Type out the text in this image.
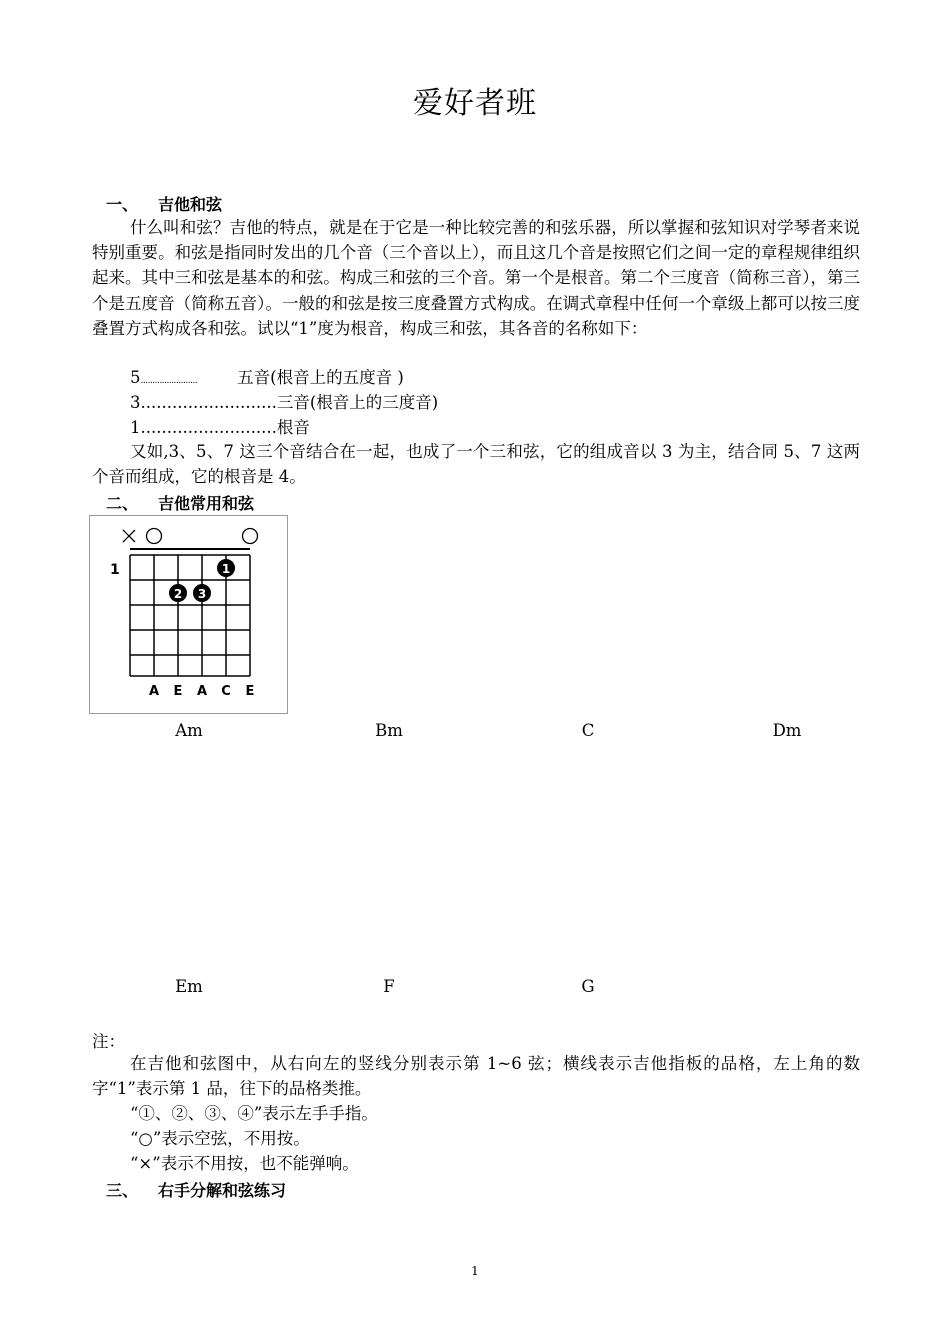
爱好者班
一、 吉他和弦

什么叫和弦？吉他的特点，就是在于它是一种比较完善的和弦乐器，所以掌握和弦知识对学琴者来说特别重要。和弦是指同时发出的几个音（三个音以上），而且这几个音是按照它们之间一定的章程规律组织起来。其中三和弦是基本的和弦。构成三和弦的三个音。第一个是根音。第二个三度音（简称三音），第三个是五度音（简称五音）。一般的和弦是按三度叠置方式构成。在调式章程中任何一个章级上都可以按三度叠置方式构成各和弦。试以“1”度为根音，构成三和弦，其各音的名称如下：

5........................ 五音(根音上的五度音 )
3..........................三音(根音上的三度音)
1..........................根音

又如,3、5、7 这三个音结合在一起，也成了一个三和弦，它的组成音以 3 为主，结合同 5、7 这两个音而组成，它的根音是 4。

二、 吉他常用和弦
×
1	1
2 3
A E A C E
Am	Bm	C	Dm
Em	F	G
注：

在吉他和弦图中，从右向左的竖线分别表示第 1~6 弦；横线表示吉他指板的品格，左上角的数字“1”表示第 1 品，往下的品格类推。

“①、②、③、④”表示左手手指。
“○”表示空弦，不用按。
“×”表示不用按，也不能弹响。
三、 右手分解和弦练习
1
